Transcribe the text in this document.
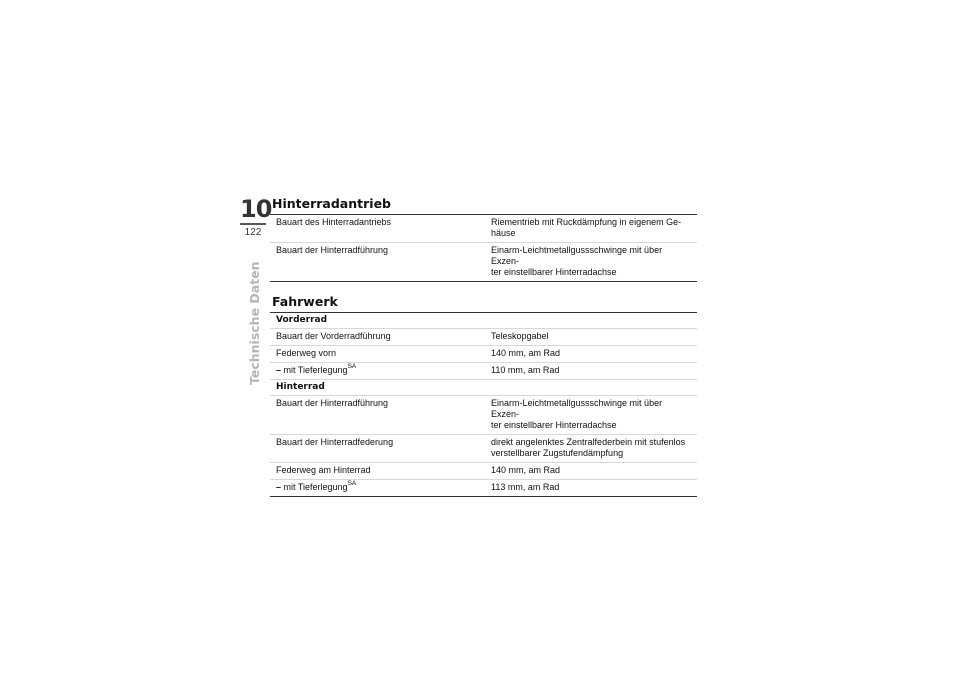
10
122
Technische Daten
Hinterradantrieb
Bauart des Hinterradantriebs	Riementrieb mit Ruckdämpfung in eigenem Ge-
häuse
Bauart der Hinterradführung	Einarm-Leichtmetallgussschwinge mit über Exzen-
ter einstellbarer Hinterradachse
Fahrwerk
Vorderrad	
Bauart der Vorderradführung	Teleskopgabel
Federweg vorn	140 mm, am Rad
– mit Tieferlegung$^{SA}$	110 mm, am Rad
Hinterrad	
Bauart der Hinterradführung	Einarm-Leichtmetallgussschwinge mit über Exzen-
ter einstellbarer Hinterradachse
Bauart der Hinterradfederung	direkt angelenktes Zentralfederbein mit stufenlos
verstellbarer Zugstufendämpfung
Federweg am Hinterrad	140 mm, am Rad
– mit Tieferlegung$^{SA}$	113 mm, am Rad
